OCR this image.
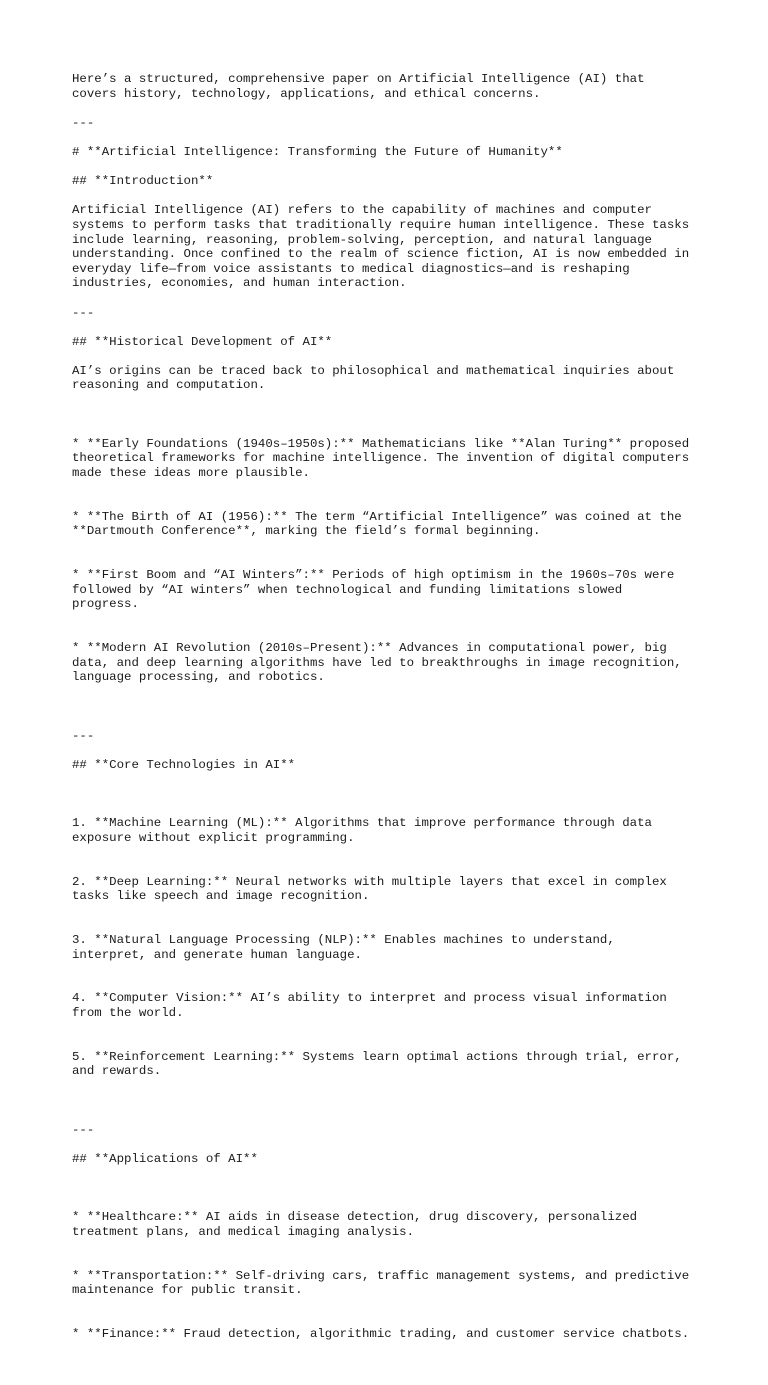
Here’s a structured, comprehensive paper on Artificial Intelligence (AI) that
covers history, technology, applications, and ethical concerns.
---
# **Artificial Intelligence: Transforming the Future of Humanity**
## **Introduction**
Artificial Intelligence (AI) refers to the capability of machines and computer
systems to perform tasks that traditionally require human intelligence. These tasks
include learning, reasoning, problem-solving, perception, and natural language
understanding. Once confined to the realm of science fiction, AI is now embedded in
everyday life—from voice assistants to medical diagnostics—and is reshaping
industries, economies, and human interaction.
---
## **Historical Development of AI**
AI’s origins can be traced back to philosophical and mathematical inquiries about
reasoning and computation.

* **Early Foundations (1940s–1950s):** Mathematicians like **Alan Turing** proposed
theoretical frameworks for machine intelligence. The invention of digital computers
made these ideas more plausible.

* **The Birth of AI (1956):** The term “Artificial Intelligence” was coined at the
**Dartmouth Conference**, marking the field’s formal beginning.

* **First Boom and “AI Winters”:** Periods of high optimism in the 1960s–70s were
followed by “AI winters” when technological and funding limitations slowed
progress.

* **Modern AI Revolution (2010s–Present):** Advances in computational power, big
data, and deep learning algorithms have led to breakthroughs in image recognition,
language processing, and robotics.

---
## **Core Technologies in AI**

1. **Machine Learning (ML):** Algorithms that improve performance through data
exposure without explicit programming.

2. **Deep Learning:** Neural networks with multiple layers that excel in complex
tasks like speech and image recognition.

3. **Natural Language Processing (NLP):** Enables machines to understand,
interpret, and generate human language.

4. **Computer Vision:** AI’s ability to interpret and process visual information
from the world.

5. **Reinforcement Learning:** Systems learn optimal actions through trial, error,
and rewards.

---
## **Applications of AI**

* **Healthcare:** AI aids in disease detection, drug discovery, personalized
treatment plans, and medical imaging analysis.

* **Transportation:** Self-driving cars, traffic management systems, and predictive
maintenance for public transit.

* **Finance:** Fraud detection, algorithmic trading, and customer service chatbots.
